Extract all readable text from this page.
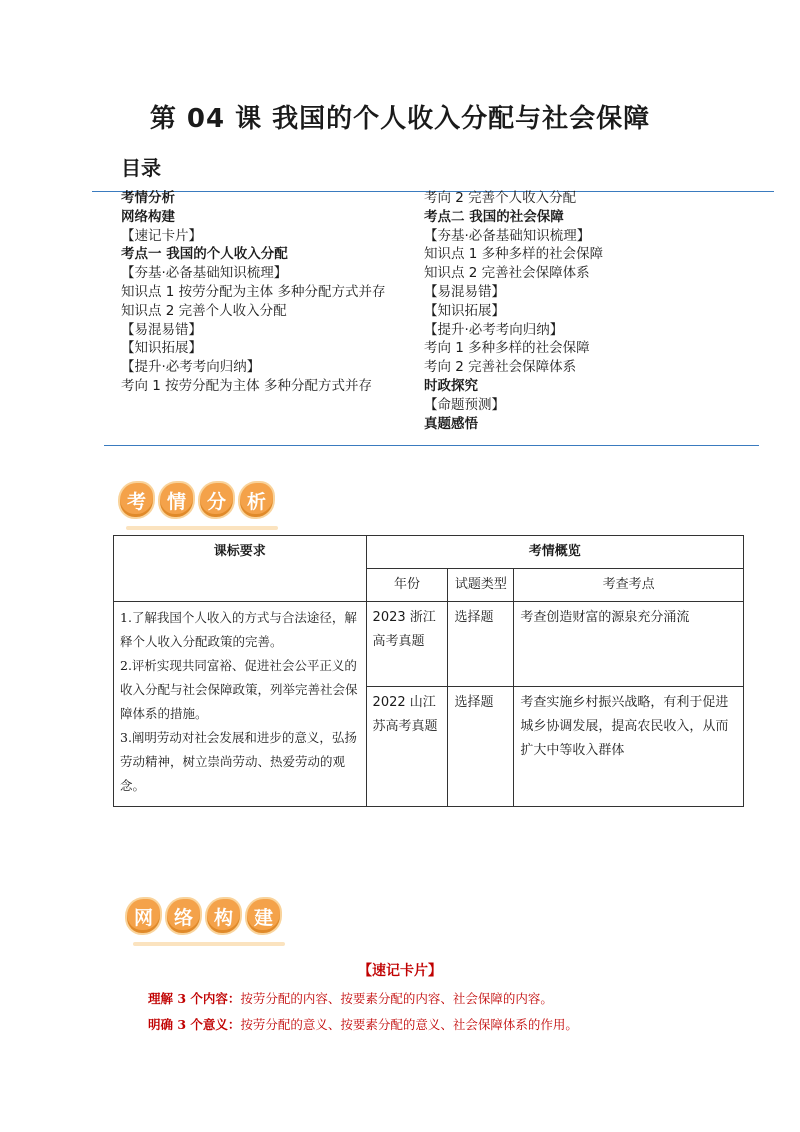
第 04 课 我国的个人收入分配与社会保障
目录
考情分析
网络构建
【速记卡片】
考点一 我国的个人收入分配
【夯基·必备基础知识梳理】
知识点 1 按劳分配为主体 多种分配方式并存
知识点 2 完善个人收入分配
【易混易错】
【知识拓展】
【提升·必考考向归纳】
考向 1 按劳分配为主体 多种分配方式并存
考向 2 完善个人收入分配
考点二 我国的社会保障
【夯基·必备基础知识梳理】
知识点 1 多种多样的社会保障
知识点 2 完善社会保障体系
【易混易错】
【知识拓展】
【提升·必考考向归纳】
考向 1 多种多样的社会保障
考向 2 完善社会保障体系
时政探究
【命题预测】
真题感悟
考	情	分	析
课标要求	考情概览		
	年份	试题类型	考查考点

1.了解我国个人收入的方式与合法途径，解释个人收入分配政策的完善。
2.评析实现共同富裕、促进社会公平正义的收入分配与社会保障政策，列举完善社会保障体系的措施。
3.阐明劳动对社会发展和进步的意义，弘扬劳动精神，树立崇尚劳动、热爱劳动的观念。	2023 浙江高考真题	选择题	考查创造财富的源泉充分涌流
	2022 山江苏高考真题	选择题	考查实施乡村振兴战略，有利于促进城乡协调发展，提高农民收入，从而扩大中等收入群体
网	络	构	建
【速记卡片】
理解 3 个内容：按劳分配的内容、按要素分配的内容、社会保障的内容。
明确 3 个意义：按劳分配的意义、按要素分配的意义、社会保障体系的作用。
